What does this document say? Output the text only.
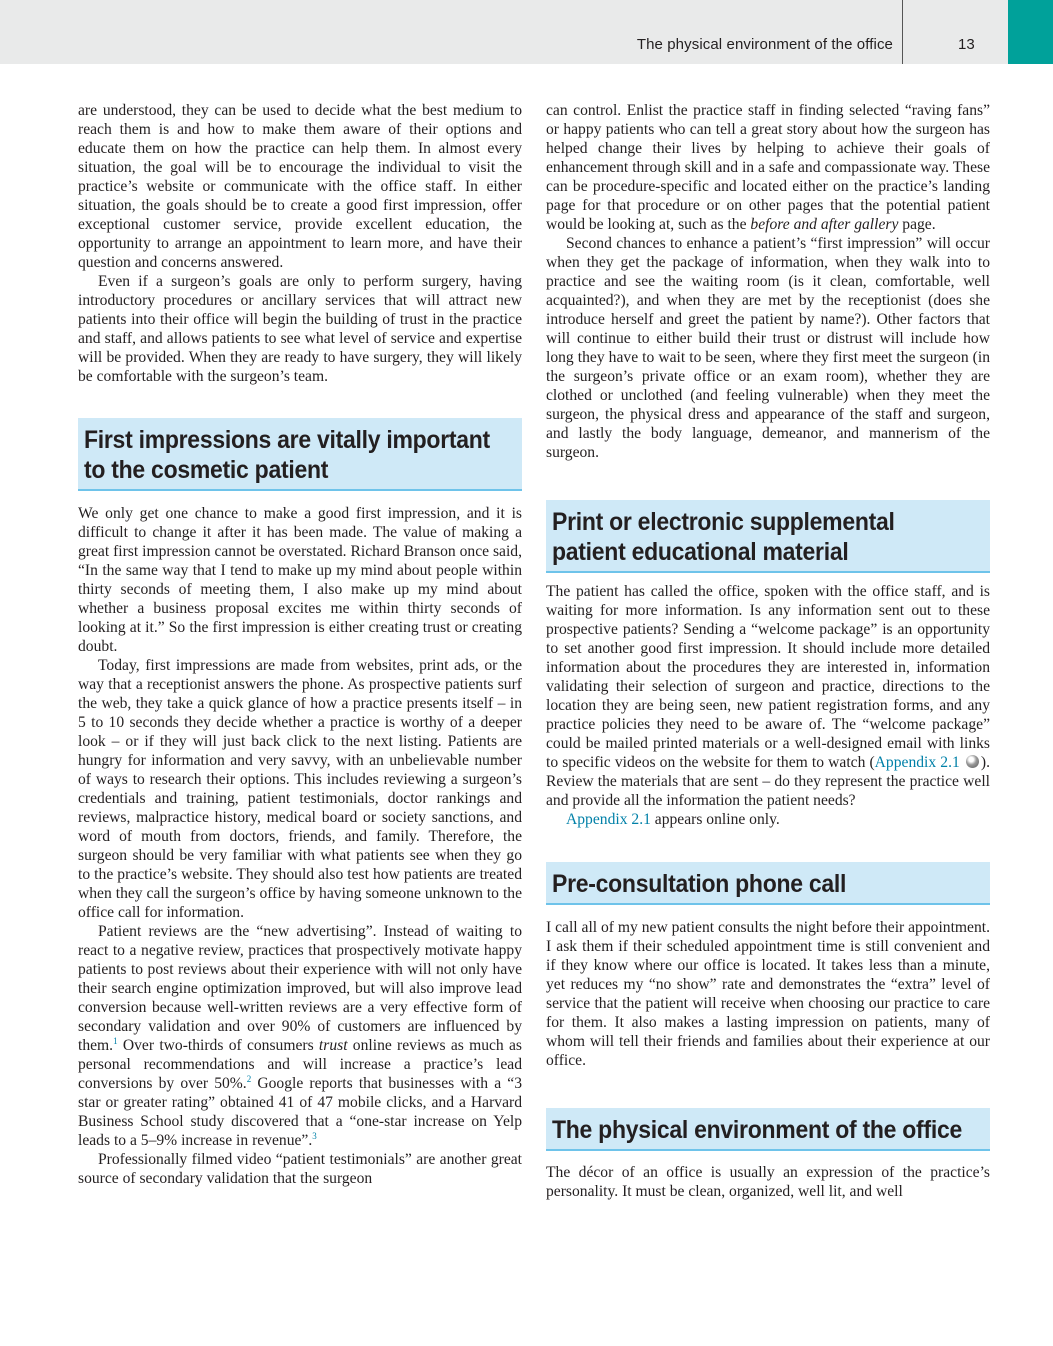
The physical environment of the office	13

are understood, they can be used to decide what the best medium to reach them is and how to make them aware of their options and educate them on how the practice can help them. In almost every situation, the goal will be to encourage the individual to visit the practice’s website or communicate with the office staff. In either situation, the goals should be to create a good first impression, offer exceptional customer service, provide excellent education, the opportunity to arrange an appointment to learn more, and have their question and concerns answered.

Even if a surgeon’s goals are only to perform surgery, having introductory procedures or ancillary services that will attract new patients into their office will begin the building of trust in the practice and staff, and allows patients to see what level of service and expertise will be provided. When they are ready to have surgery, they will likely be comfortable with the surgeon’s team.

First impressions are vitally important
to the cosmetic patient

We only get one chance to make a good first impression, and it is difficult to change it after it has been made. The value of making a great first impression cannot be overstated. Richard Branson once said, “In the same way that I tend to make up my mind about people within thirty seconds of meeting them, I also make up my mind about whether a business proposal excites me within thirty seconds of looking at it.” So the first impression is either creating trust or creating doubt.

Today, first impressions are made from websites, print ads, or the way that a receptionist answers the phone. As prospective patients surf the web, they take a quick glance of how a practice presents itself – in 5 to 10 seconds they decide whether a practice is worthy of a deeper look – or if they will just back click to the next listing. Patients are hungry for information and very savvy, with an unbelievable number of ways to research their options. This includes reviewing a surgeon’s credentials and training, patient testimonials, doctor rankings and reviews, malpractice history, medical board or society sanctions, and word of mouth from doctors, friends, and family. Therefore, the surgeon should be very familiar with what patients see when they go to the practice’s website. They should also test how patients are treated when they call the surgeon’s office by having someone unknown to the office call for information.

Patient reviews are the “new advertising”. Instead of waiting to react to a negative review, practices that prospectively motivate happy patients to post reviews about their experience with will not only have their search engine optimization improved, but will also improve lead conversion because well-written reviews are a very effective form of secondary validation and over 90% of customers are influenced by them.$^1$ Over two-thirds of consumers trust online reviews as much as personal recommendations and will increase a practice’s lead conversions by over 50%.$^2$ Google reports that businesses with a “3 star or greater rating” obtained 41 of 47 mobile clicks, and a Harvard Business School study discovered that a “one-star increase on Yelp leads to a 5–9% increase in revenue”.$^3$

Professionally filmed video “patient testimonials” are another great source of secondary validation that the surgeon

can control. Enlist the practice staff in finding selected “raving fans” or happy patients who can tell a great story about how the surgeon has helped change their lives by helping to achieve their goals of enhancement through skill and in a safe and compassionate way. These can be procedure-specific and located either on the practice’s landing page for that procedure or on other pages that the potential patient would be looking at, such as the before and after gallery page.

Second chances to enhance a patient’s “first impression” will occur when they get the package of information, when they walk into to practice and see the waiting room (is it clean, comfortable, well acquainted?), and when they are met by the receptionist (does she introduce herself and greet the patient by name?). Other factors that will continue to either build their trust or distrust will include how long they have to wait to be seen, where they first meet the surgeon (in the surgeon’s private office or an exam room), whether they are clothed or unclothed (and feeling vulnerable) when they meet the surgeon, the physical dress and appearance of the staff and surgeon, and lastly the body language, demeanor, and mannerism of the surgeon.

Print or electronic supplemental
patient educational material

The patient has called the office, spoken with the office staff, and is waiting for more information. Is any information sent out to these prospective patients? Sending a “welcome package” is an opportunity to set another good first impression. It should include more detailed information about the procedures they are interested in, information validating their selection of surgeon and practice, directions to the location they are being seen, new patient registration forms, and any practice policies they need to be aware of. The “welcome package” could be mailed printed materials or a well-designed email with links to specific videos on the website for them to watch (Appendix 2.1 ). Review the materials that are sent – do they represent the practice well and provide all the information the patient needs?

Appendix 2.1 appears online only.

Pre-consultation phone call

I call all of my new patient consults the night before their appointment. I ask them if their scheduled appointment time is still convenient and if they know where our office is located. It takes less than a minute, yet reduces my “no show” rate and demonstrates the “extra” level of service that the patient will receive when choosing our practice to care for them. It also makes a lasting impression on patients, many of whom will tell their friends and families about their experience at our office.

The physical environment of the office

The décor of an office is usually an expression of the practice’s personality. It must be clean, organized, well lit, and well
